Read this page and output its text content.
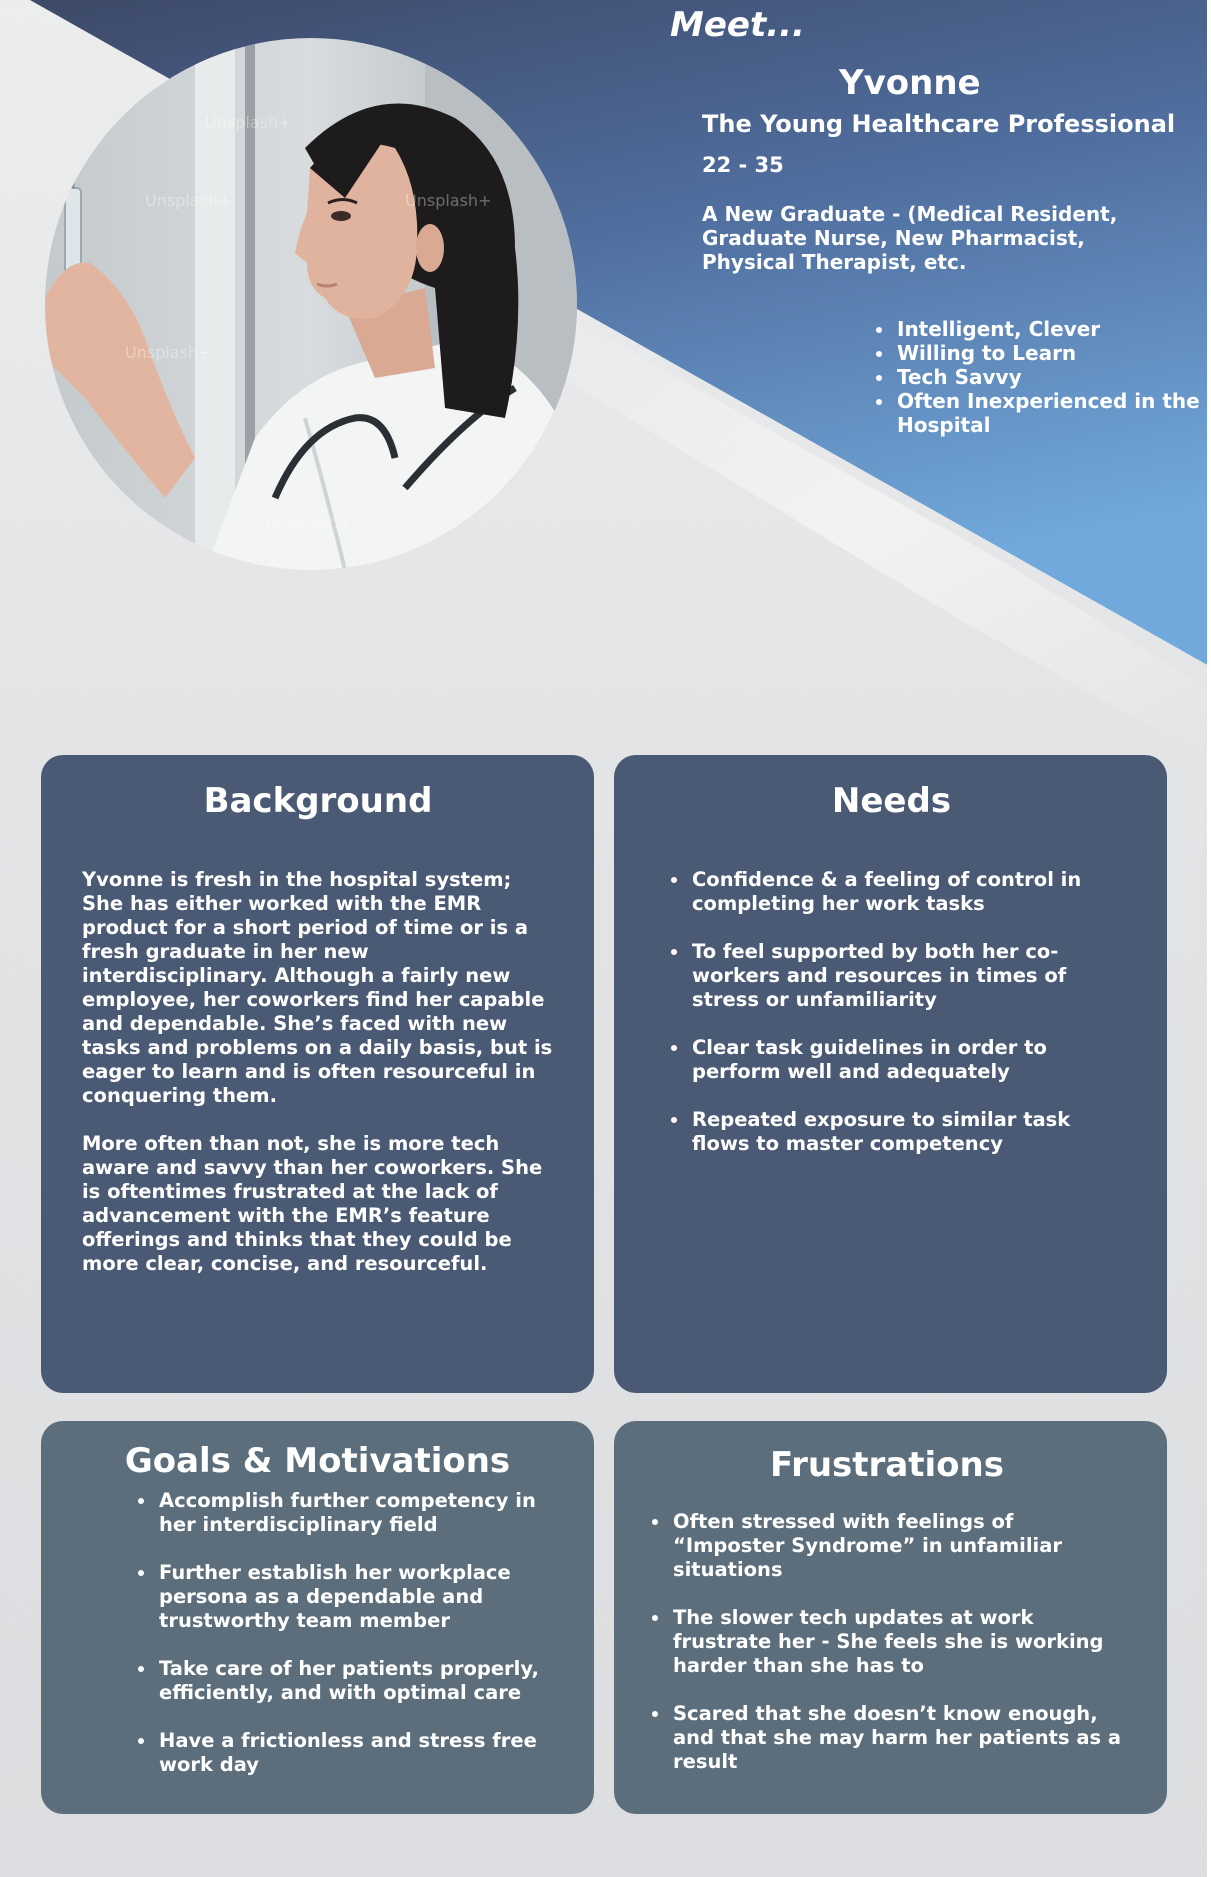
Unsplash+
Unsplash+	Unsplash+
Unsplash+
Unsplash+
Meet...
Yvonne
The Young Healthcare Professional
22 - 35
A New Graduate - (Medical Resident, Graduate Nurse, New Pharmacist, Physical Therapist, etc.
• Intelligent, Clever
• Willing to Learn
• Tech Savvy
• Often Inexperienced in the Hospital
Background

Yvonne is fresh in the hospital system; She has either worked with the EMR product for a short period of time or is a fresh graduate in her new interdisciplinary. Although a fairly new employee, her coworkers find her capable and dependable. She’s faced with new tasks and problems on a daily basis, but is eager to learn and is often resourceful in conquering them.

More often than not, she is more tech aware and savvy than her coworkers. She is oftentimes frustrated at the lack of advancement with the EMR’s feature offerings and thinks that they could be more clear, concise, and resourceful.

Needs
• Confidence & a feeling of control in completing her work tasks
• To feel supported by both her co-workers and resources in times of stress or unfamiliarity
• Clear task guidelines in order to perform well and adequately
• Repeated exposure to similar task flows to master competency
Goals & Motivations
• Accomplish further competency in her interdisciplinary field
• Further establish her workplace persona as a dependable and trustworthy team member
• Take care of her patients properly, efficiently, and with optimal care
• Have a frictionless and stress free work day
Frustrations
• Often stressed with feelings of “Imposter Syndrome” in unfamiliar situations
• The slower tech updates at work frustrate her - She feels she is working harder than she has to
• Scared that she doesn’t know enough, and that she may harm her patients as a result
